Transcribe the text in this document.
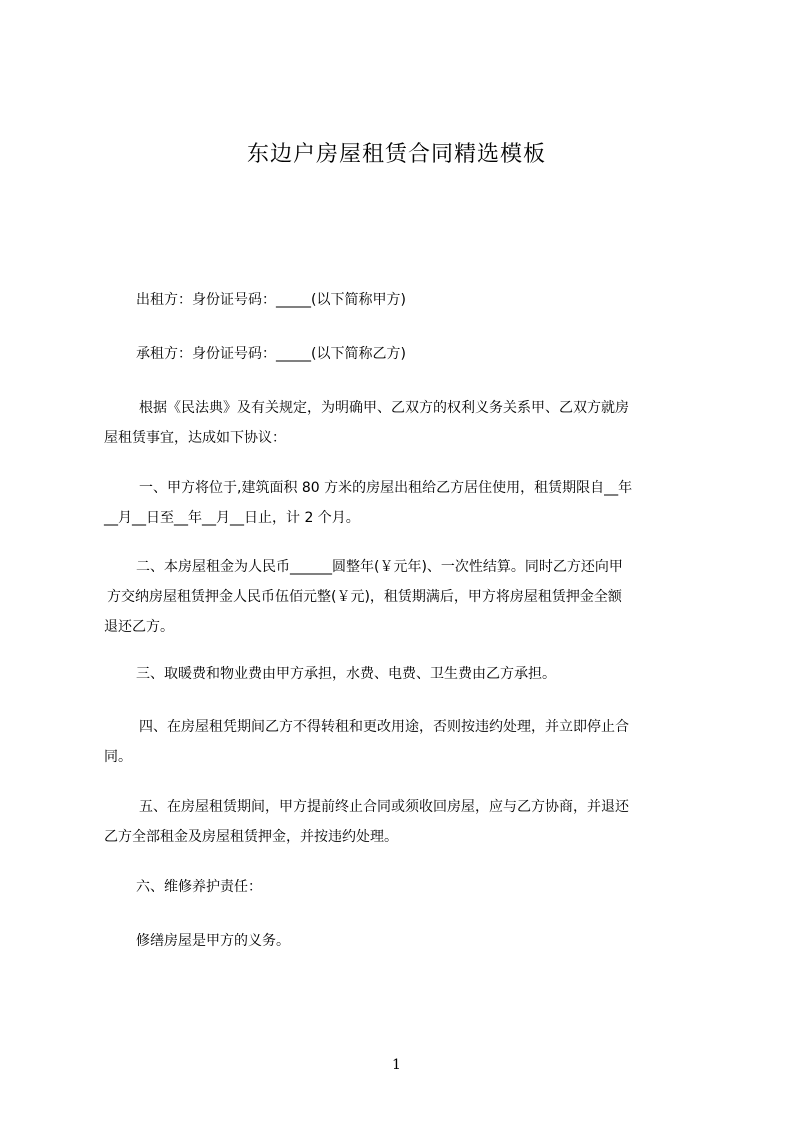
东边户房屋租赁合同精选模板

出租方：身份证号码：_____(以下简称甲方)

承租方：身份证号码：_____(以下简称乙方)

根据《民法典》及有关规定，为明确甲、乙双方的权利义务关系甲、乙双方就房
屋租赁事宜，达成如下协议：

一、甲方将位于,建筑面积 80 方米的房屋出租给乙方居住使用，租赁期限自__年
__月__日至__年__月__日止，计 2 个月。

二、本房屋租金为人民币______圆整年(￥元年)、一次性结算。同时乙方还向甲
方交纳房屋租赁押金人民币伍佰元整(￥元)，租赁期满后，甲方将房屋租赁押金全额
退还乙方。

三、取暖费和物业费由甲方承担，水费、电费、卫生费由乙方承担。

四、在房屋租凭期间乙方不得转租和更改用途，否则按违约处理，并立即停止合
同。

五、在房屋租赁期间，甲方提前终止合同或须收回房屋，应与乙方协商，并退还
乙方全部租金及房屋租赁押金，并按违约处理。

六、维修养护责任：

修缮房屋是甲方的义务。

1
